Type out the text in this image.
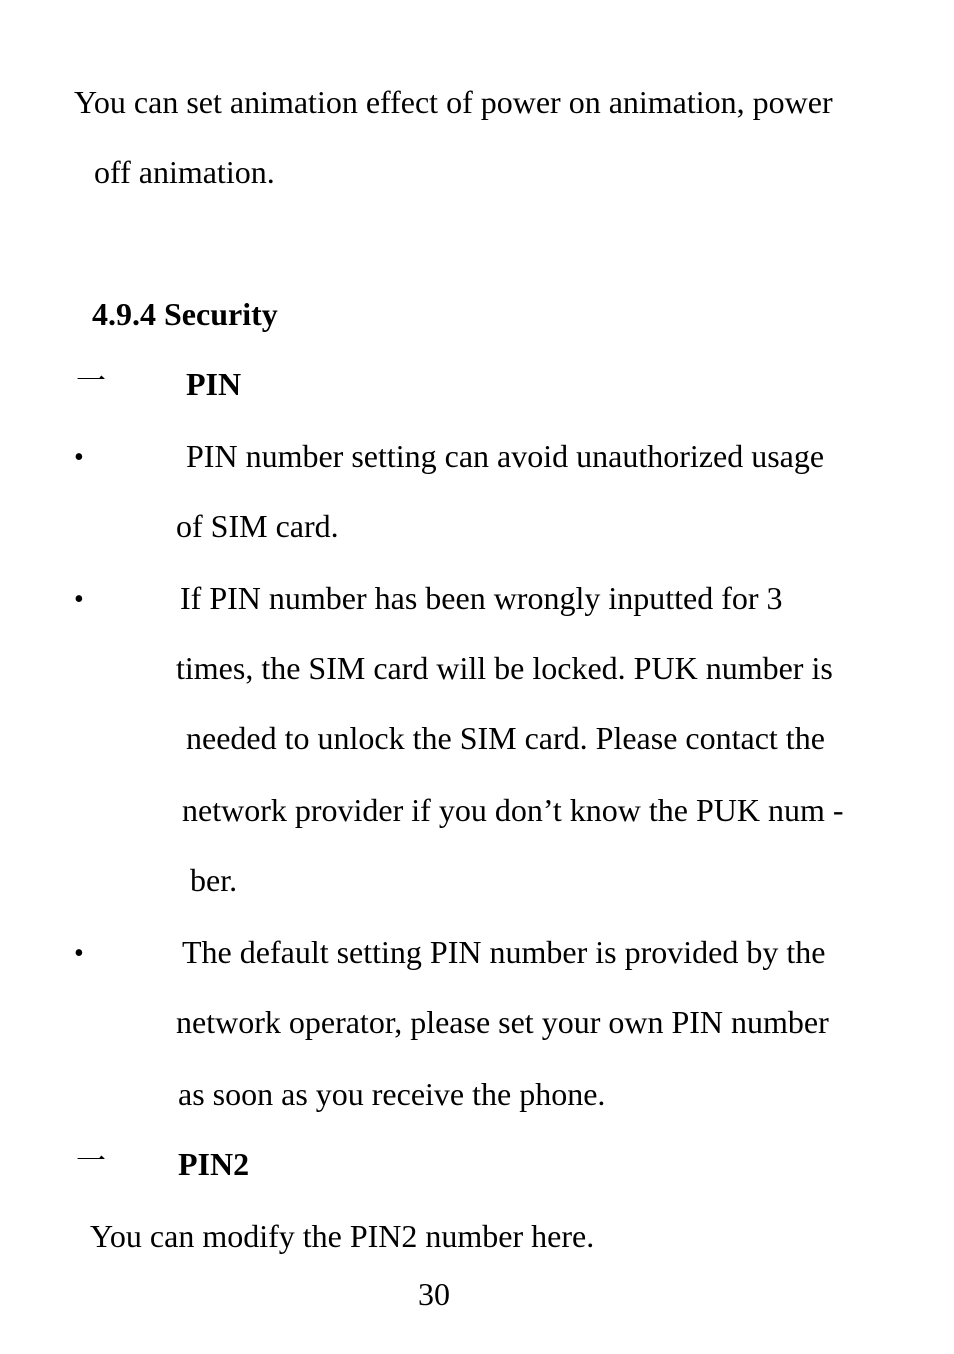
You can set animation effect of power on animation, power
off animation.
4.9.4 Security
一	PIN
•	PIN number setting can avoid unauthorized usage
of SIM card.
•	If PIN number has been wrongly inputted for 3
times, the SIM card will be locked. PUK number is
needed to unlock the SIM card. Please contact the
network provider if you don’t know the PUK num -
ber.
•	The default setting PIN number is provided by the
network operator, please set your own PIN number
as soon as you receive the phone.
一 PIN2
You can modify the PIN2 number here.
30
